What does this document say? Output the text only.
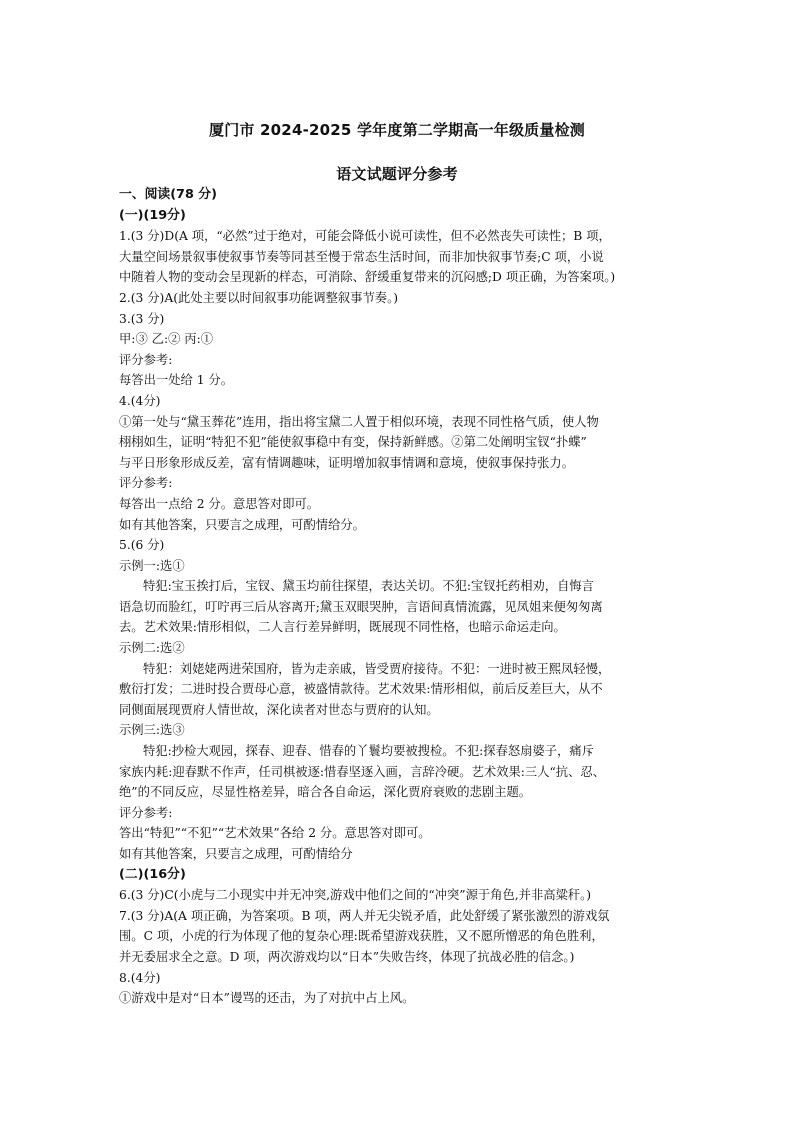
厦门市 2024-2025 学年度第二学期高一年级质量检测
语文试题评分参考
一、阅读(78 分)
(一)(19分)
1.(3 分)D(A 项，“必然”过于绝对，可能会降低小说可读性，但不必然丧失可读性；B 项，
大量空间场景叙事使叙事节奏等同甚至慢于常态生活时间，而非加快叙事节奏;C 项，小说
中随着人物的变动会呈现新的样态，可消除、舒缓重复带来的沉闷感;D 项正确，为答案项。)
2.(3 分)A(此处主要以时间叙事功能调整叙事节奏。)
3.(3 分)
甲:③ 乙:② 丙:①
评分参考:
每答出一处给 1 分。
4.(4分)
①第一处与“黛玉葬花”连用，指出将宝黛二人置于相似环境，表现不同性格气质，使人物
栩栩如生，证明“特犯不犯”能使叙事稳中有变，保持新鲜感。②第二处阐明宝钗“扑蝶”
与平日形象形成反差，富有情调趣味，证明增加叙事情调和意境，使叙事保持张力。
评分参考:
每答出一点给 2 分。意思答对即可。
如有其他答案，只要言之成理，可酌情给分。
5.(6 分)
示例一:选①
特犯:宝玉挨打后，宝钗、黛玉均前往探望，表达关切。不犯:宝钗托药相劝，自悔言
语急切而脸红，叮咛再三后从容离开;黛玉双眼哭肿，言语间真情流露，见凤姐来便匆匆离
去。艺术效果:情形相似，二人言行差异鲜明，既展现不同性格，也暗示命运走向。
示例二:选②
特犯：刘姥姥两进荣国府，皆为走亲戚，皆受贾府接待。不犯：一进时被王熙凤轻慢，
敷衍打发；二进时投合贾母心意，被盛情款待。艺术效果:情形相似，前后反差巨大，从不
同侧面展现贾府人情世故，深化读者对世态与贾府的认知。
示例三:选③
特犯:抄检大观园，探春、迎春、惜春的丫鬟均要被搜检。不犯:探春怒扇婆子，痛斥
家族内耗:迎春默不作声，任司棋被逐:惜春坚逐入画，言辞冷硬。艺术效果:三人“抗、忍、
绝”的不同反应，尽显性格差异，暗合各自命运，深化贾府衰败的悲剧主题。
评分参考:
答出“特犯”“不犯”“艺术效果”各给 2 分。意思答对即可。
如有其他答案，只要言之成理，可酌情给分
(二)(16分)
6.(3 分)C(小虎与二小现实中并无冲突,游戏中他们之间的“冲突”源于角色,并非高粱秆。)
7.(3 分)A(A 项正确，为答案项。B 项，两人并无尖锐矛盾，此处舒缓了紧张激烈的游戏氛
围。C 项，小虎的行为体现了他的复杂心理:既希望游戏获胜，又不愿所憎恶的角色胜利，
并无委屈求全之意。D 项，两次游戏均以“日本”失败告终，体现了抗战必胜的信念。)
8.(4分)
①游戏中是对“日本”谩骂的还击，为了对抗中占上风。
